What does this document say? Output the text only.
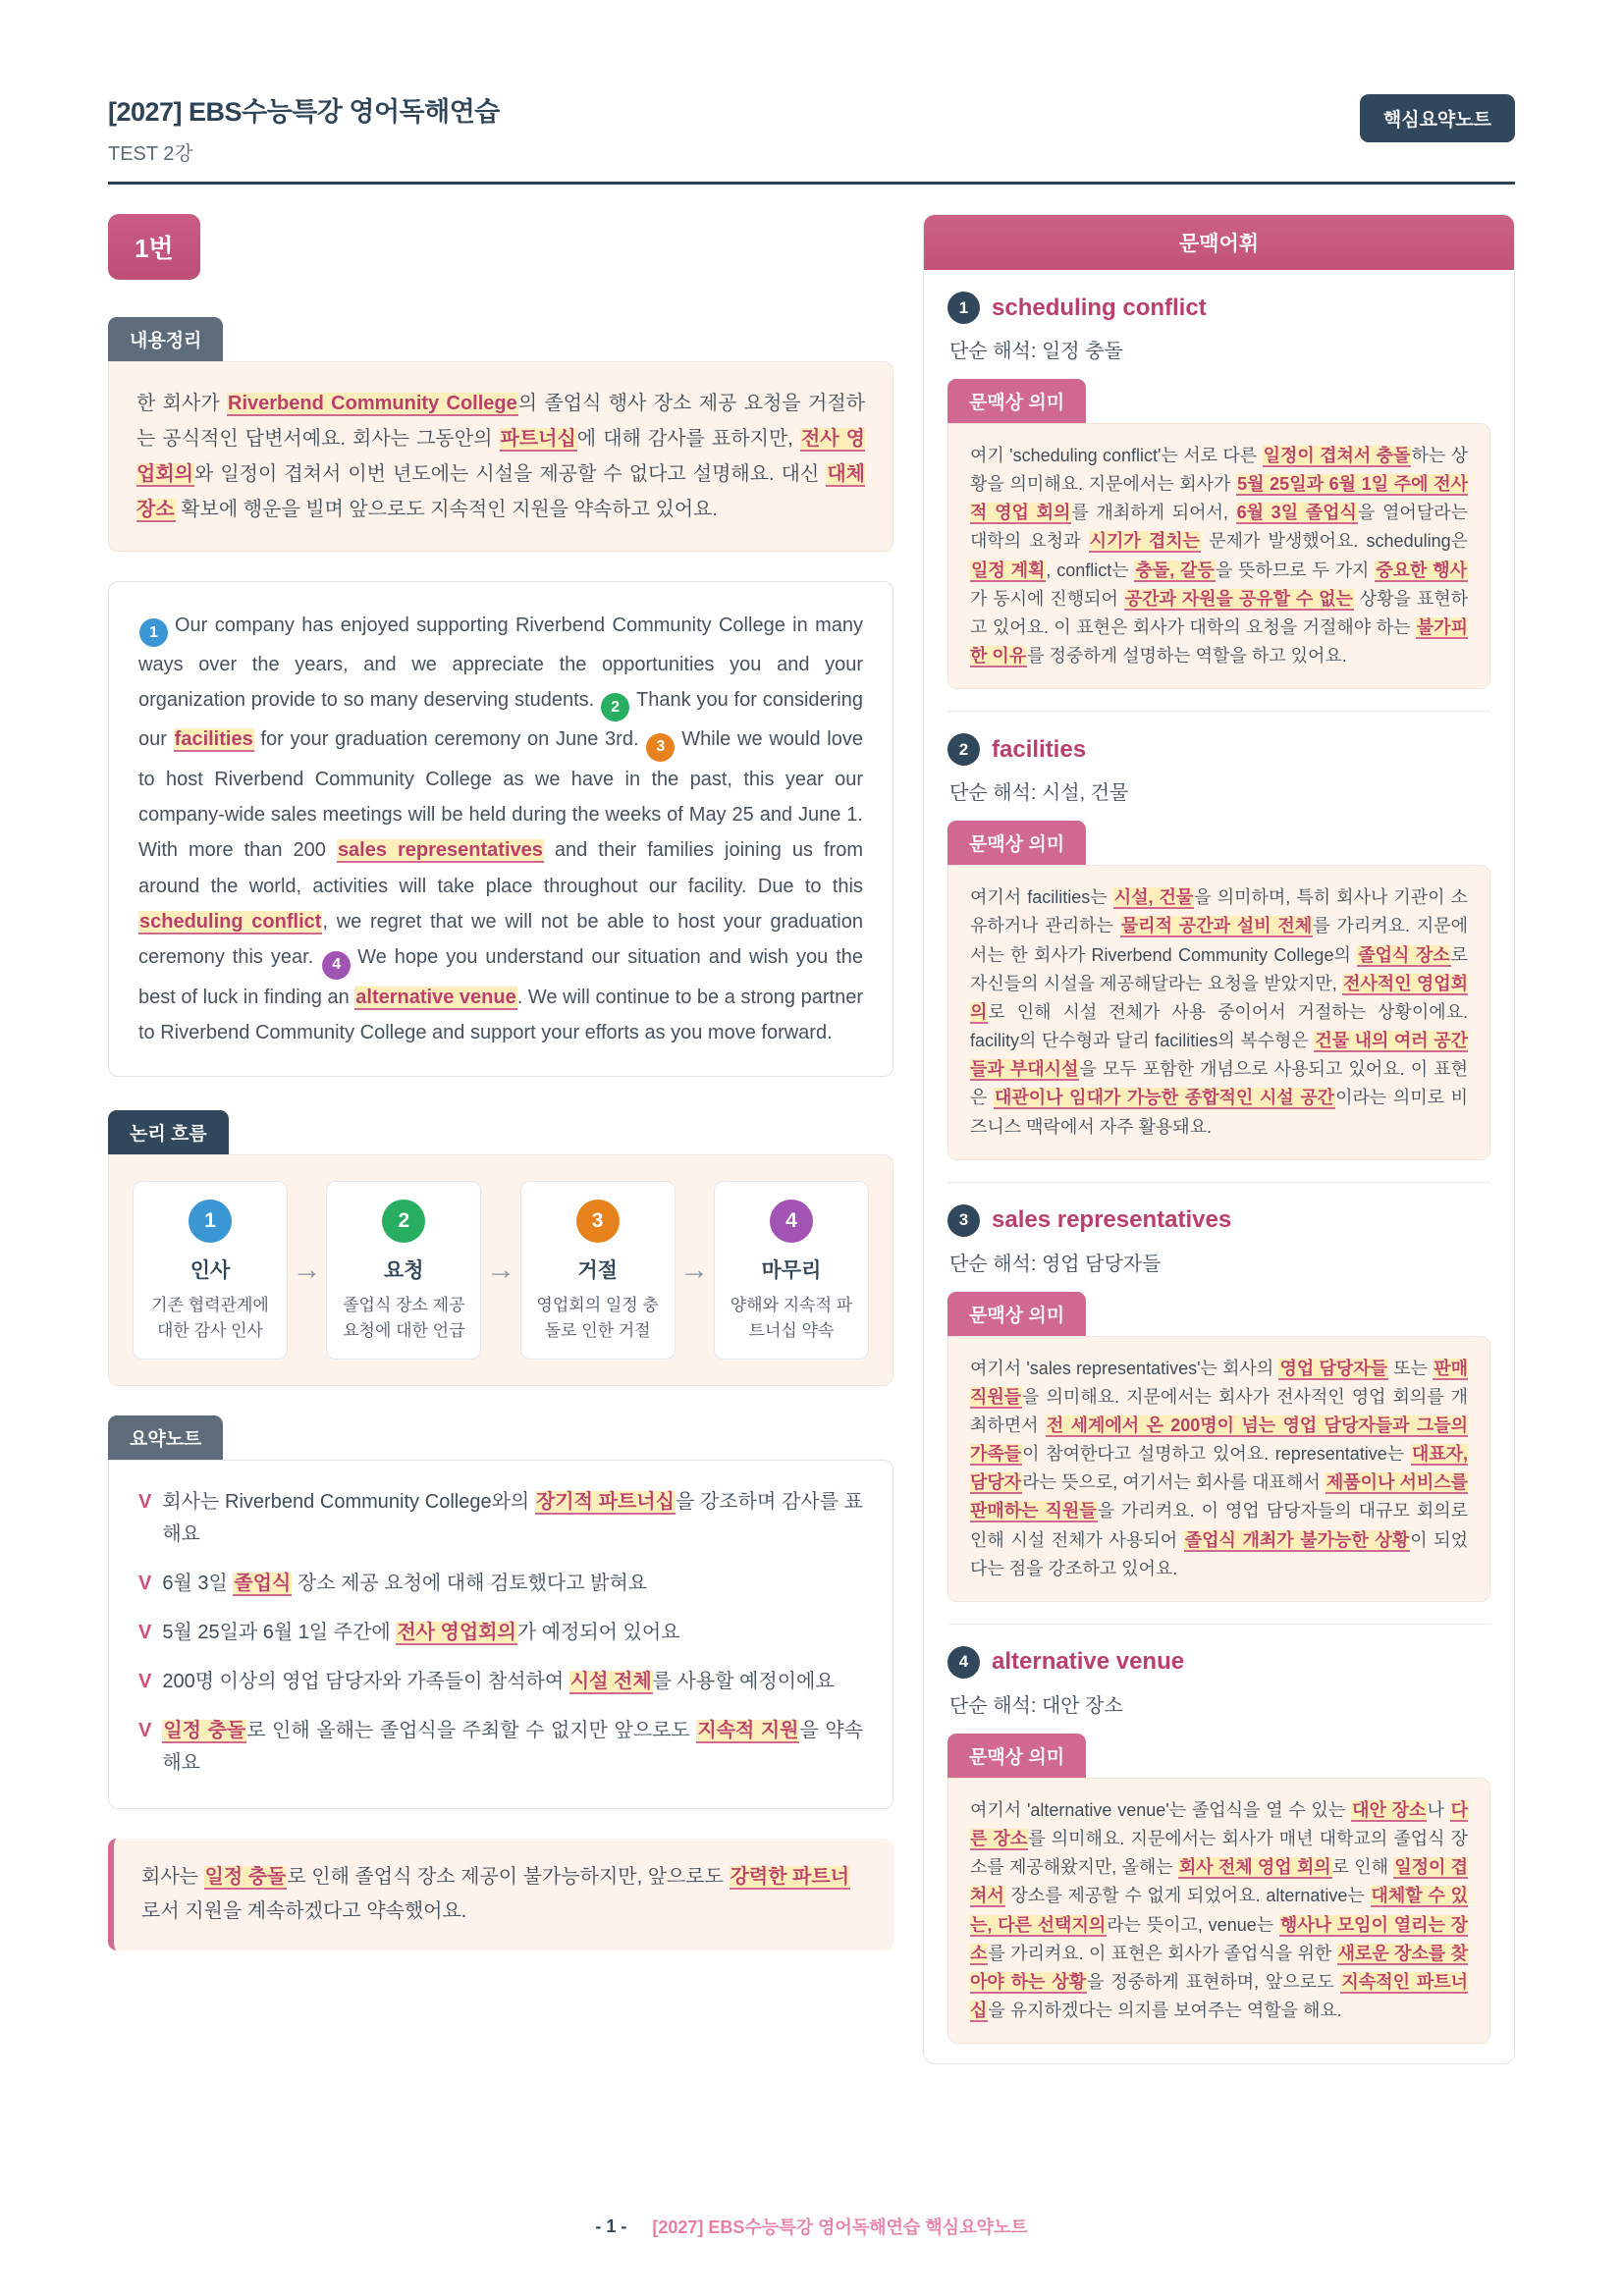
[2027] EBS수능특강 영어독해연습
TEST 2강
핵심요약노트
1번
내용정리
한 회사가 Riverbend Community College의 졸업식 행사 장소 제공 요청을 거절하는 공식적인 답변서예요. 회사는 그동안의 파트너십에 대해 감사를 표하지만, 전사 영업회의와 일정이 겹쳐서 이번 년도에는 시설을 제공할 수 없다고 설명해요. 대신 대체 장소 확보에 행운을 빌며 앞으로도 지속적인 지원을 약속하고 있어요.
1 Our company has enjoyed supporting Riverbend Community College in many ways over the years, and we appreciate the opportunities you and your organization provide to so many deserving students. 2 Thank you for considering our facilities for your graduation ceremony on June 3rd. 3 While we would love to host Riverbend Community College as we have in the past, this year our company-wide sales meetings will be held during the weeks of May 25 and June 1. With more than 200 sales representatives and their families joining us from around the world, activities will take place throughout our facility. Due to this scheduling conflict, we regret that we will not be able to host your graduation ceremony this year. 4 We hope you understand our situation and wish you the best of luck in finding an alternative venue. We will continue to be a strong partner to Riverbend Community College and support your efforts as you move forward.
논리 흐름
1
인사
기존 협력관계에 대한 감사 인사
→
2
요청
졸업식 장소 제공 요청에 대한 언급
→
3
거절
영업회의 일정 충돌로 인한 거절
→
4
마무리
양해와 지속적 파트너십 약속
요약노트
V 회사는 Riverbend Community College와의 장기적 파트너십을 강조하며 감사를 표해요
V 6월 3일 졸업식 장소 제공 요청에 대해 검토했다고 밝혀요
V 5월 25일과 6월 1일 주간에 전사 영업회의가 예정되어 있어요
V 200명 이상의 영업 담당자와 가족들이 참석하여 시설 전체를 사용할 예정이에요
V 일정 충돌로 인해 올해는 졸업식을 주최할 수 없지만 앞으로도 지속적 지원을 약속해요
회사는 일정 충돌로 인해 졸업식 장소 제공이 불가능하지만, 앞으로도 강력한 파트너로서 지원을 계속하겠다고 약속했어요.
문맥어휘
1 scheduling conflict
단순 해석: 일정 충돌
문맥상 의미
여기 'scheduling conflict'는 서로 다른 일정이 겹쳐서 충돌하는 상황을 의미해요. 지문에서는 회사가 5월 25일과 6월 1일 주에 전사적 영업 회의를 개최하게 되어서, 6월 3일 졸업식을 열어달라는 대학의 요청과 시기가 겹치는 문제가 발생했어요. scheduling은 일정 계획, conflict는 충돌, 갈등을 뜻하므로 두 가지 중요한 행사가 동시에 진행되어 공간과 자원을 공유할 수 없는 상황을 표현하고 있어요. 이 표현은 회사가 대학의 요청을 거절해야 하는 불가피한 이유를 정중하게 설명하는 역할을 하고 있어요.
2 facilities
단순 해석: 시설, 건물
문맥상 의미
여기서 facilities는 시설, 건물을 의미하며, 특히 회사나 기관이 소유하거나 관리하는 물리적 공간과 설비 전체를 가리켜요. 지문에서는 한 회사가 Riverbend Community College의 졸업식 장소로 자신들의 시설을 제공해달라는 요청을 받았지만, 전사적인 영업회의로 인해 시설 전체가 사용 중이어서 거절하는 상황이에요. facility의 단수형과 달리 facilities의 복수형은 건물 내의 여러 공간들과 부대시설을 모두 포함한 개념으로 사용되고 있어요. 이 표현은 대관이나 임대가 가능한 종합적인 시설 공간이라는 의미로 비즈니스 맥락에서 자주 활용돼요.
3 sales representatives
단순 해석: 영업 담당자들
문맥상 의미
여기서 'sales representatives'는 회사의 영업 담당자들 또는 판매 직원들을 의미해요. 지문에서는 회사가 전사적인 영업 회의를 개최하면서 전 세계에서 온 200명이 넘는 영업 담당자들과 그들의 가족들이 참여한다고 설명하고 있어요. representative는 대표자, 담당자라는 뜻으로, 여기서는 회사를 대표해서 제품이나 서비스를 판매하는 직원들을 가리켜요. 이 영업 담당자들의 대규모 회의로 인해 시설 전체가 사용되어 졸업식 개최가 불가능한 상황이 되었다는 점을 강조하고 있어요.
4 alternative venue
단순 해석: 대안 장소
문맥상 의미
여기서 'alternative venue'는 졸업식을 열 수 있는 대안 장소나 다른 장소를 의미해요. 지문에서는 회사가 매년 대학교의 졸업식 장소를 제공해왔지만, 올해는 회사 전체 영업 회의로 인해 일정이 겹쳐서 장소를 제공할 수 없게 되었어요. alternative는 대체할 수 있는, 다른 선택지의라는 뜻이고, venue는 행사나 모임이 열리는 장소를 가리켜요. 이 표현은 회사가 졸업식을 위한 새로운 장소를 찾아야 하는 상황을 정중하게 표현하며, 앞으로도 지속적인 파트너십을 유지하겠다는 의지를 보여주는 역할을 해요.
- 1 - [2027] EBS수능특강 영어독해연습 핵심요약노트
